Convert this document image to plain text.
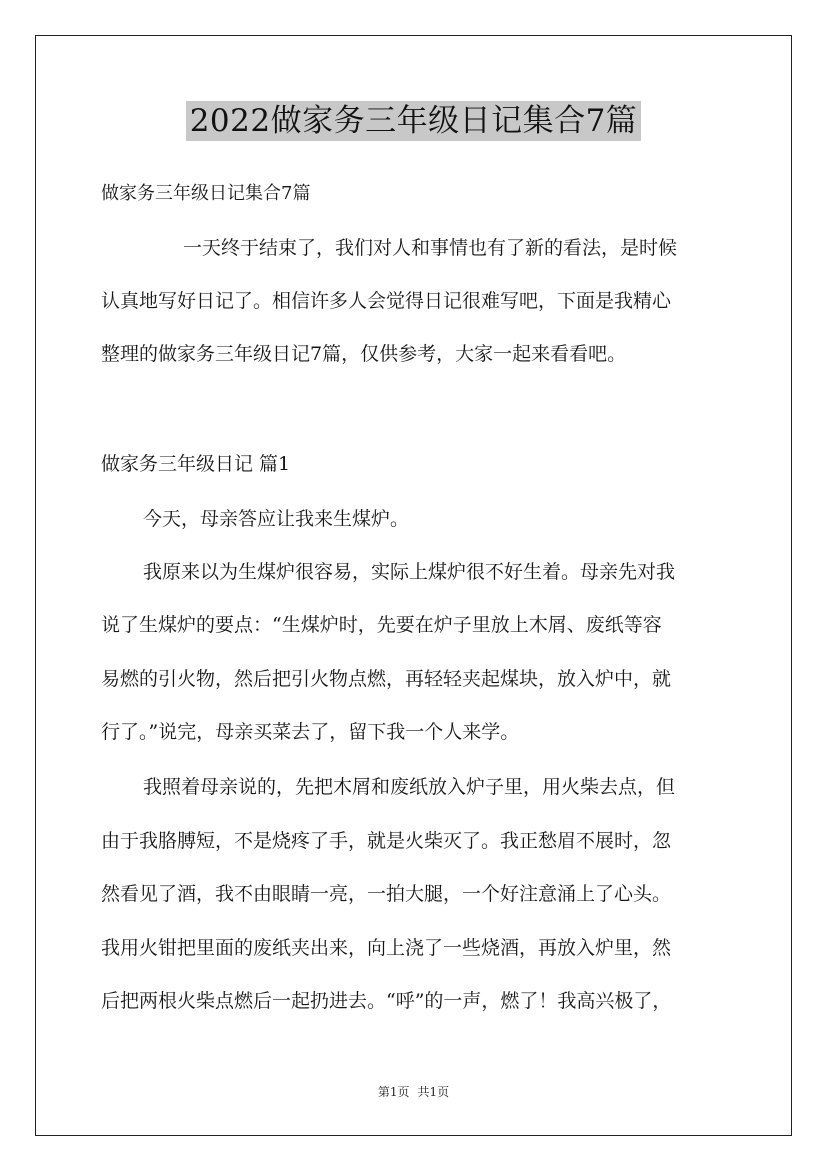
2022做家务三年级日记集合7篇
做家务三年级日记集合7篇
一天终于结束了，我们对人和事情也有了新的看法，是时候
认真地写好日记了。相信许多人会觉得日记很难写吧，下面是我精心
整理的做家务三年级日记7篇，仅供参考，大家一起来看看吧。
做家务三年级日记 篇1
今天，母亲答应让我来生煤炉。
我原来以为生煤炉很容易，实际上煤炉很不好生着。母亲先对我
说了生煤炉的要点：“生煤炉时，先要在炉子里放上木屑、废纸等容
易燃的引火物，然后把引火物点燃，再轻轻夹起煤块，放入炉中，就
行了。”说完，母亲买菜去了，留下我一个人来学。
我照着母亲说的，先把木屑和废纸放入炉子里，用火柴去点，但
由于我胳膊短，不是烧疼了手，就是火柴灭了。我正愁眉不展时，忽
然看见了酒，我不由眼睛一亮，一拍大腿，一个好注意涌上了心头。
我用火钳把里面的废纸夹出来，向上浇了一些烧酒，再放入炉里，然
后把两根火柴点燃后一起扔进去。“呼”的一声，燃了！我高兴极了，
第1页 共1页
